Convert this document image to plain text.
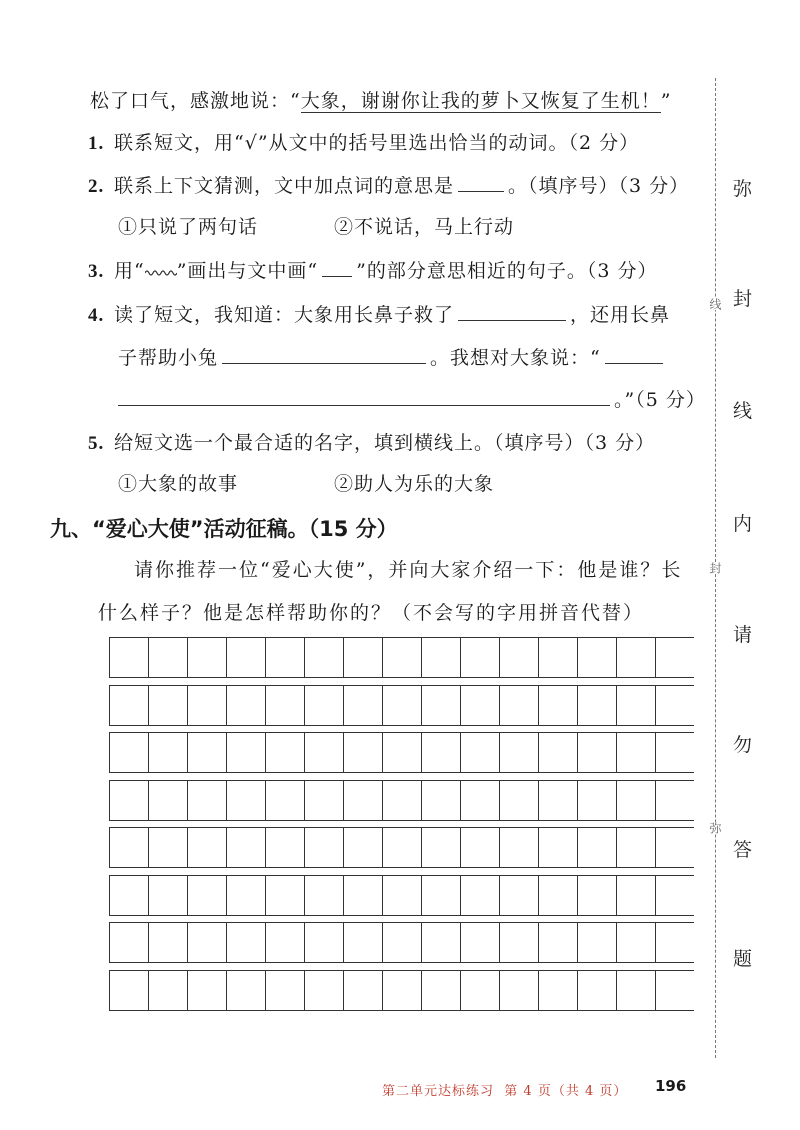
松了口气，感激地说：“大象，谢谢你让我的萝卜又恢复了生机！”
1. 联系短文，用“√”从文中的括号里选出恰当的动词。（2 分）
2. 联系上下文猜测，文中加点词的意思是	。（填序号）（3 分）
①只说了两句话	②不说话，马上行动
3. 用“ ”画出与文中画“ ”的部分意思相近的句子。（3 分）
4. 读了短文，我知道：大象用长鼻子救了	，还用长鼻
子帮助小兔	。我想对大象说：“
。”（5 分）
5. 给短文选一个最合适的名字，填到横线上。（填序号）（3 分）
①大象的故事	②助人为乐的大象
九、“爱心大使”活动征稿。（15 分）
请你推荐一位“爱心大使”，并向大家介绍一下：他是谁？长
什么样子？他是怎样帮助你的？（不会写的字用拼音代替）
弥
封
线
内
请
勿
答
题
线
封
弥
第二单元达标练习 第 4 页（共 4 页） 196
